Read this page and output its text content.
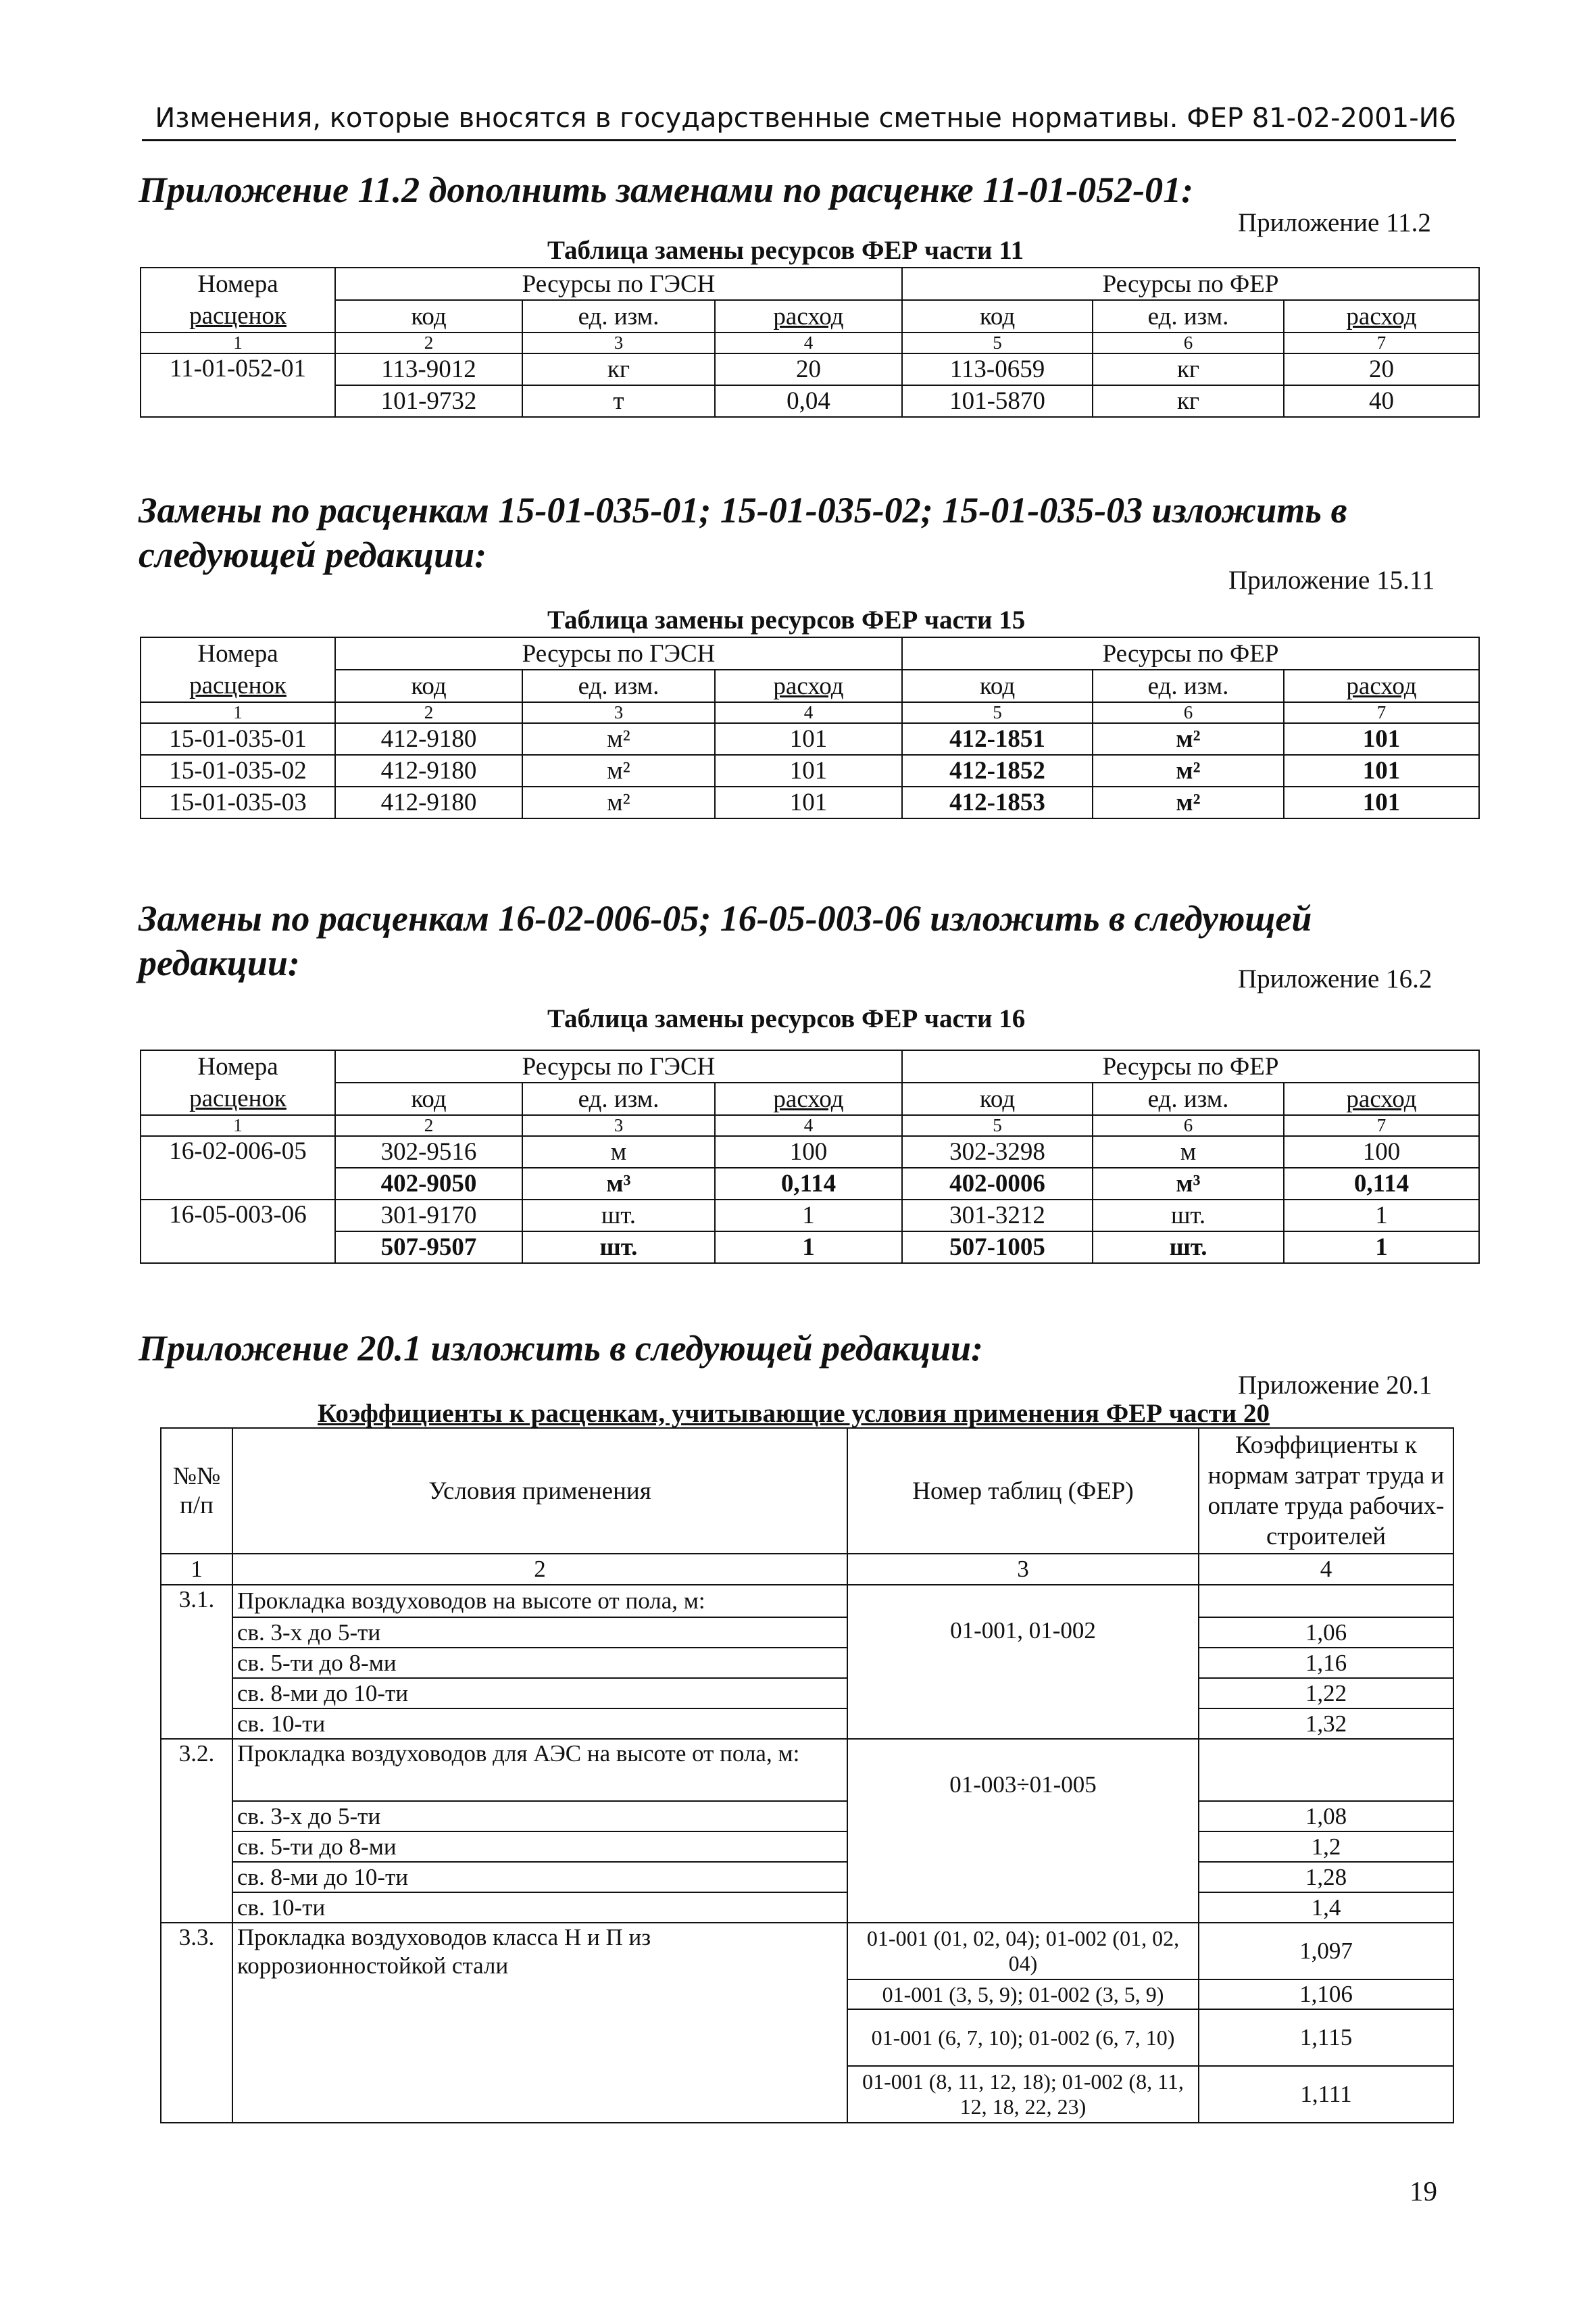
Изменения, которые вносятся в государственные сметные нормативы. ФЕР 81-02-2001-И6
Приложение 11.2 дополнить заменами по расценке 11-01-052-01:
Приложение 11.2
Таблица замены ресурсов ФЕР части 11
Номера	Ресурсы по ГЭСН			Ресурсы по ФЕР		
расценок	код	ед. изм.	расход	код	ед. изм.	расход
1	2	3	4	5	6	7
11-01-052-01	113-9012	кг	20	113-0659	кг	20
	101-9732	т	0,04	101-5870	кг	40
Замены по расценкам 15-01-035-01; 15-01-035-02; 15-01-035-03 изложить в следующей редакции:
Приложение 15.11
Таблица замены ресурсов ФЕР части 15
Номера	Ресурсы по ГЭСН			Ресурсы по ФЕР		
расценок	код	ед. изм.	расход	код	ед. изм.	расход
1	2	3	4	5	6	7
15-01-035-01	412-9180	м²	101	412-1851	м²	101
15-01-035-02	412-9180	м²	101	412-1852	м²	101
15-01-035-03	412-9180	м²	101	412-1853	м²	101
Замены по расценкам 16-02-006-05; 16-05-003-06 изложить в следующей редакции:	Приложение 16.2
Таблица замены ресурсов ФЕР части 16
Номера	Ресурсы по ГЭСН			Ресурсы по ФЕР		
расценок	код	ед. изм.	расход	код	ед. изм.	расход
1	2	3	4	5	6	7
16-02-006-05	302-9516	м	100	302-3298	м	100
	402-9050	м³	0,114	402-0006	м³	0,114
16-05-003-06	301-9170	шт.	1	301-3212	шт.	1
	507-9507	шт.	1	507-1005	шт.	1
Приложение 20.1 изложить в следующей редакции:
Приложение 20.1
Коэффициенты к расценкам, учитывающие условия применения ФЕР части 20
№№ п/п	Условия применения	Номер таблиц (ФЕР)	Коэффициенты к нормам затрат труда и оплате труда рабочих-строителей
1	2	3	4
3.1.	Прокладка воздуховодов на высоте от пола, м:	01-001, 01-002	
	св. 3-х до 5-ти		1,06
	св. 5-ти до 8-ми		1,16
	св. 8-ми до 10-ти		1,22
	св. 10-ти		1,32
3.2.	Прокладка воздуховодов для АЭС на высоте от пола, м:	01-003÷01-005	
	св. 3-х до 5-ти		1,08
	св. 5-ти до 8-ми		1,2
	св. 8-ми до 10-ти		1,28
	св. 10-ти		1,4
3.3.	Прокладка воздуховодов класса Н и П из коррозионностойкой стали	01-001 (01, 02, 04); 01-002 (01, 02, 04)	1,097
		01-001 (3, 5, 9); 01-002 (3, 5, 9)	1,106
		01-001 (6, 7, 10); 01-002 (6, 7, 10)	1,115
		01-001 (8, 11, 12, 18); 01-002 (8, 11, 12, 18, 22, 23)	1,111
19
